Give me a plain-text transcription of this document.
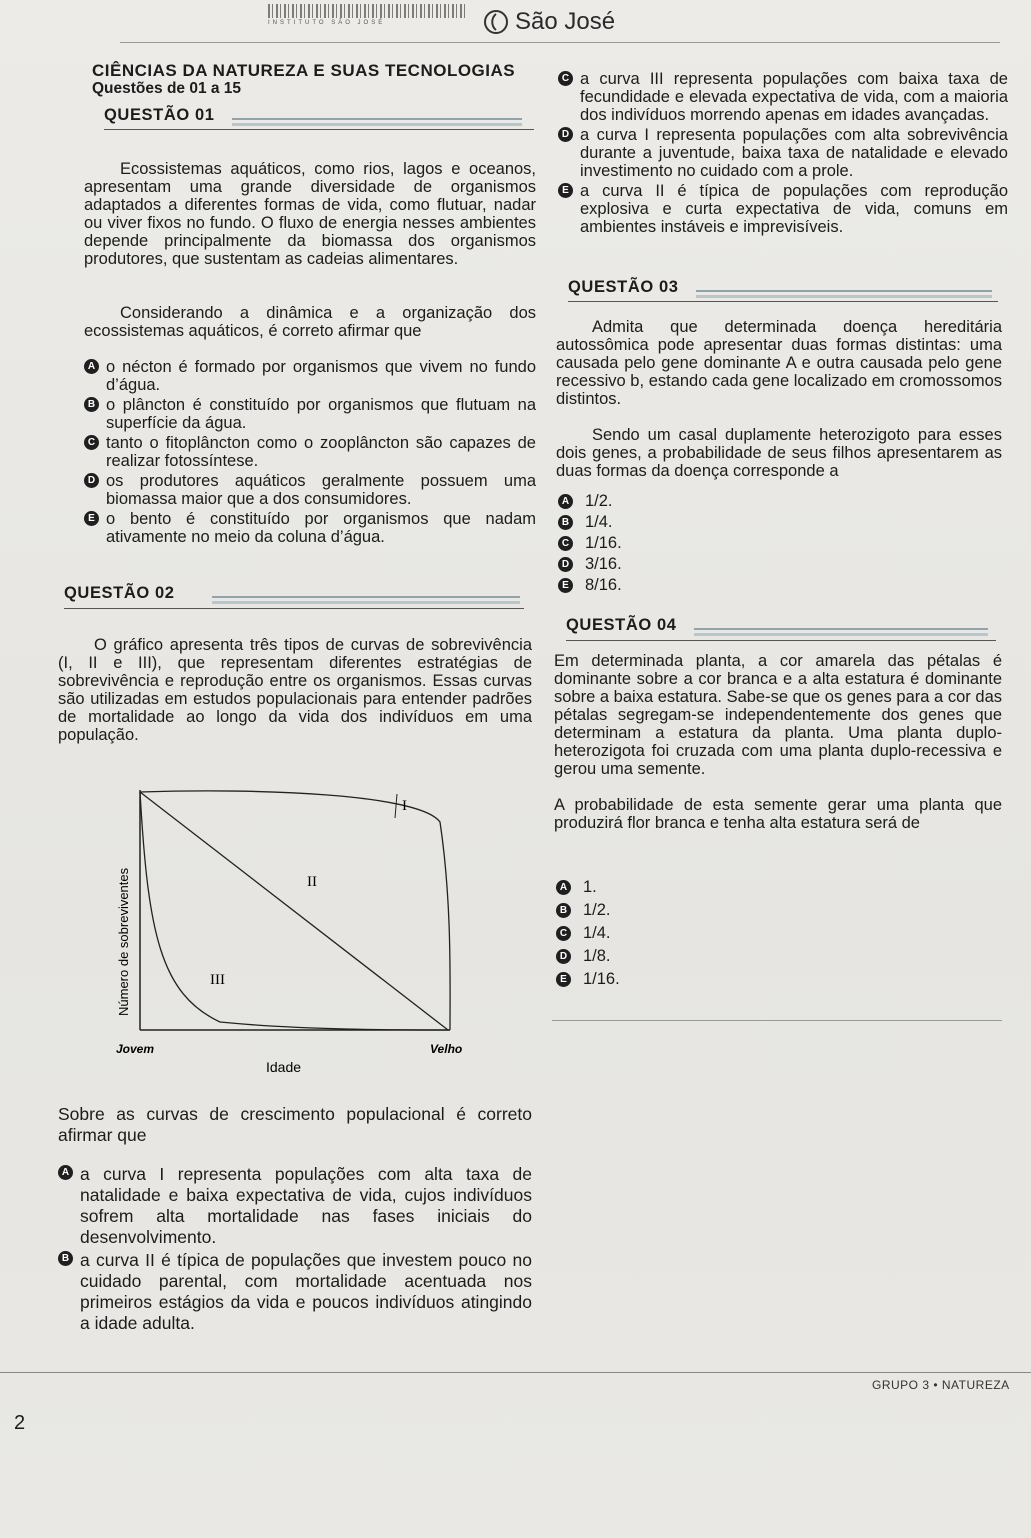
INSTITUTO SÃO JOSÉ	São José
CIÊNCIAS DA NATUREZA E SUAS TECNOLOGIAS
Questões de 01 a 15
QUESTÃO 01

Ecossistemas aquáticos, como rios, lagos e oceanos, apresentam uma grande diversidade de organismos adaptados a diferentes formas de vida, como flutuar, nadar ou viver fixos no fundo. O fluxo de energia nesses ambientes depende principalmente da biomassa dos organismos produtores, que sustentam as cadeias alimentares.

Considerando a dinâmica e a organização dos ecossistemas aquáticos, é correto afirmar que

A o nécton é formado por organismos que vivem no fundo d’água.
B o plâncton é constituído por organismos que flutuam na superfície da água.
C tanto o fitoplâncton como o zooplâncton são capazes de realizar fotossíntese.
D os produtores aquáticos geralmente possuem uma biomassa maior que a dos consumidores.
E o bento é constituído por organismos que nadam ativamente no meio da coluna d’água.
QUESTÃO 02

O gráfico apresenta três tipos de curvas de sobrevivência (I, II e III), que representam diferentes estratégias de sobrevivência e reprodução entre os organismos. Essas curvas são utilizadas em estudos populacionais para entender padrões de mortalidade ao longo da vida dos indivíduos em uma população.

I
II
III
Número de sobreviventes
Jovem	Velho
Idade

Sobre as curvas de crescimento populacional é correto afirmar que

A a curva I representa populações com alta taxa de natalidade e baixa expectativa de vida, cujos indivíduos sofrem alta mortalidade nas fases iniciais do desenvolvimento.
B a curva II é típica de populações que investem pouco no cuidado parental, com mortalidade acentuada nos primeiros estágios da vida e poucos indivíduos atingindo a idade adulta.
C a curva III representa populações com baixa taxa de fecundidade e elevada expectativa de vida, com a maioria dos indivíduos morrendo apenas em idades avançadas.
D a curva I representa populações com alta sobrevivência durante a juventude, baixa taxa de natalidade e elevado investimento no cuidado com a prole.
E a curva II é típica de populações com reprodução explosiva e curta expectativa de vida, comuns em ambientes instáveis e imprevisíveis.
QUESTÃO 03

Admita que determinada doença hereditária autossômica pode apresentar duas formas distintas: uma causada pelo gene dominante A e outra causada pelo gene recessivo b, estando cada gene localizado em cromossomos distintos.

Sendo um casal duplamente heterozigoto para esses dois genes, a probabilidade de seus filhos apresentarem as duas formas da doença corresponde a

A 1/2.
B 1/4.
C 1/16.
D 3/16.
E 8/16.
QUESTÃO 04

Em determinada planta, a cor amarela das pétalas é dominante sobre a cor branca e a alta estatura é dominante sobre a baixa estatura. Sabe-se que os genes para a cor das pétalas segregam-se independentemente dos genes que determinam a estatura da planta. Uma planta duplo-heterozigota foi cruzada com uma planta duplo-recessiva e gerou uma semente.

A probabilidade de esta semente gerar uma planta que produzirá flor branca e tenha alta estatura será de

A 1.
B 1/2.
C 1/4.
D 1/8.
E 1/16.
GRUPO 3 • NATUREZA
2
